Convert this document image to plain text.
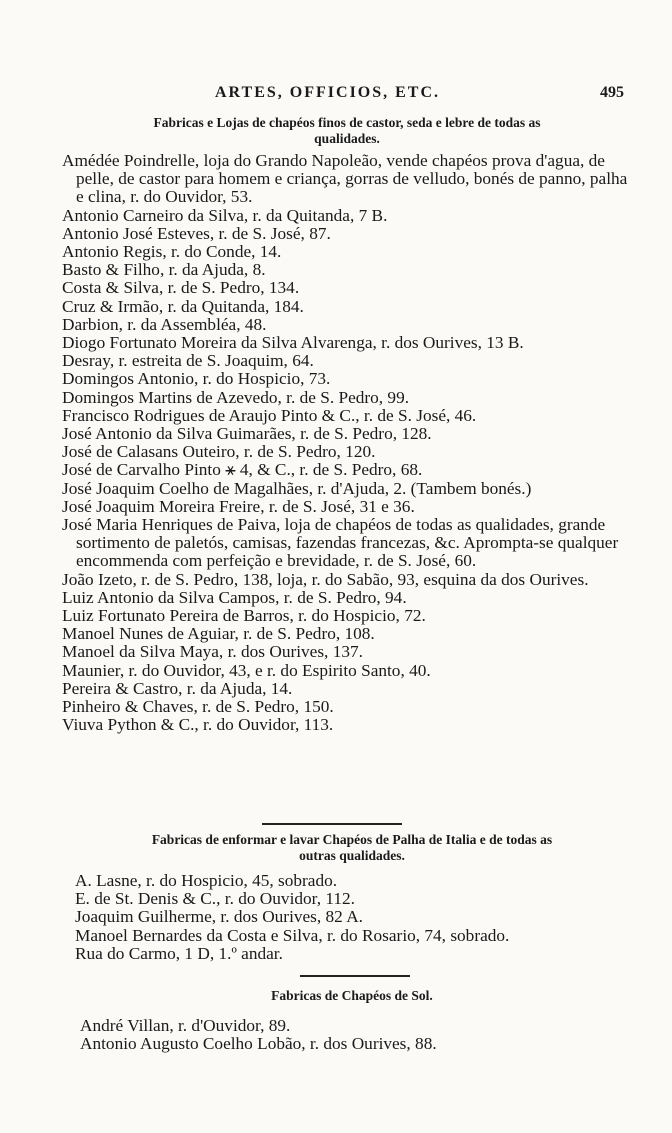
ARTES, OFFICIOS, ETC.	495
Fabricas e Lojas de chapéos finos de castor, seda e lebre de todas as
qualidades.
Amédée Poindrelle, loja do Grando Napoleão, vende chapéos prova d'agua, de pelle, de castor para homem e criança, gorras de velludo, bonés de panno, palha e clina, r. do Ouvidor, 53.
Antonio Carneiro da Silva, r. da Quitanda, 7 B.
Antonio José Esteves, r. de S. José, 87.
Antonio Regis, r. do Conde, 14.
Basto & Filho, r. da Ajuda, 8.
Costa & Silva, r. de S. Pedro, 134.
Cruz & Irmão, r. da Quitanda, 184.
Darbion, r. da Assembléa, 48.
Diogo Fortunato Moreira da Silva Alvarenga, r. dos Ourives, 13 B.
Desray, r. estreita de S. Joaquim, 64.
Domingos Antonio, r. do Hospicio, 73.
Domingos Martins de Azevedo, r. de S. Pedro, 99.
Francisco Rodrigues de Araujo Pinto & C., r. de S. José, 46.
José Antonio da Silva Guimarães, r. de S. Pedro, 128.
José de Calasans Outeiro, r. de S. Pedro, 120.
José de Carvalho Pinto ⚹ 4, & C., r. de S. Pedro, 68.
José Joaquim Coelho de Magalhães, r. d'Ajuda, 2. (Tambem bonés.)
José Joaquim Moreira Freire, r. de S. José, 31 e 36.
José Maria Henriques de Paiva, loja de chapéos de todas as qualidades, grande sortimento de paletós, camisas, fazendas francezas, &c. Aprompta-se qualquer encommenda com perfeição e brevidade, r. de S. José, 60.
João Izeto, r. de S. Pedro, 138, loja, r. do Sabão, 93, esquina da dos Ourives.
Luiz Antonio da Silva Campos, r. de S. Pedro, 94.
Luiz Fortunato Pereira de Barros, r. do Hospicio, 72.
Manoel Nunes de Aguiar, r. de S. Pedro, 108.
Manoel da Silva Maya, r. dos Ourives, 137.
Maunier, r. do Ouvidor, 43, e r. do Espirito Santo, 40.
Pereira & Castro, r. da Ajuda, 14.
Pinheiro & Chaves, r. de S. Pedro, 150.
Viuva Python & C., r. do Ouvidor, 113.
Fabricas de enformar e lavar Chapéos de Palha de Italia e de todas as
outras qualidades.
A. Lasne, r. do Hospicio, 45, sobrado.
E. de St. Denis & C., r. do Ouvidor, 112.
Joaquim Guilherme, r. dos Ourives, 82 A.
Manoel Bernardes da Costa e Silva, r. do Rosario, 74, sobrado.
Rua do Carmo, 1 D, 1.º andar.
Fabricas de Chapéos de Sol.
André Villan, r. d'Ouvidor, 89.
Antonio Augusto Coelho Lobão, r. dos Ourives, 88.
